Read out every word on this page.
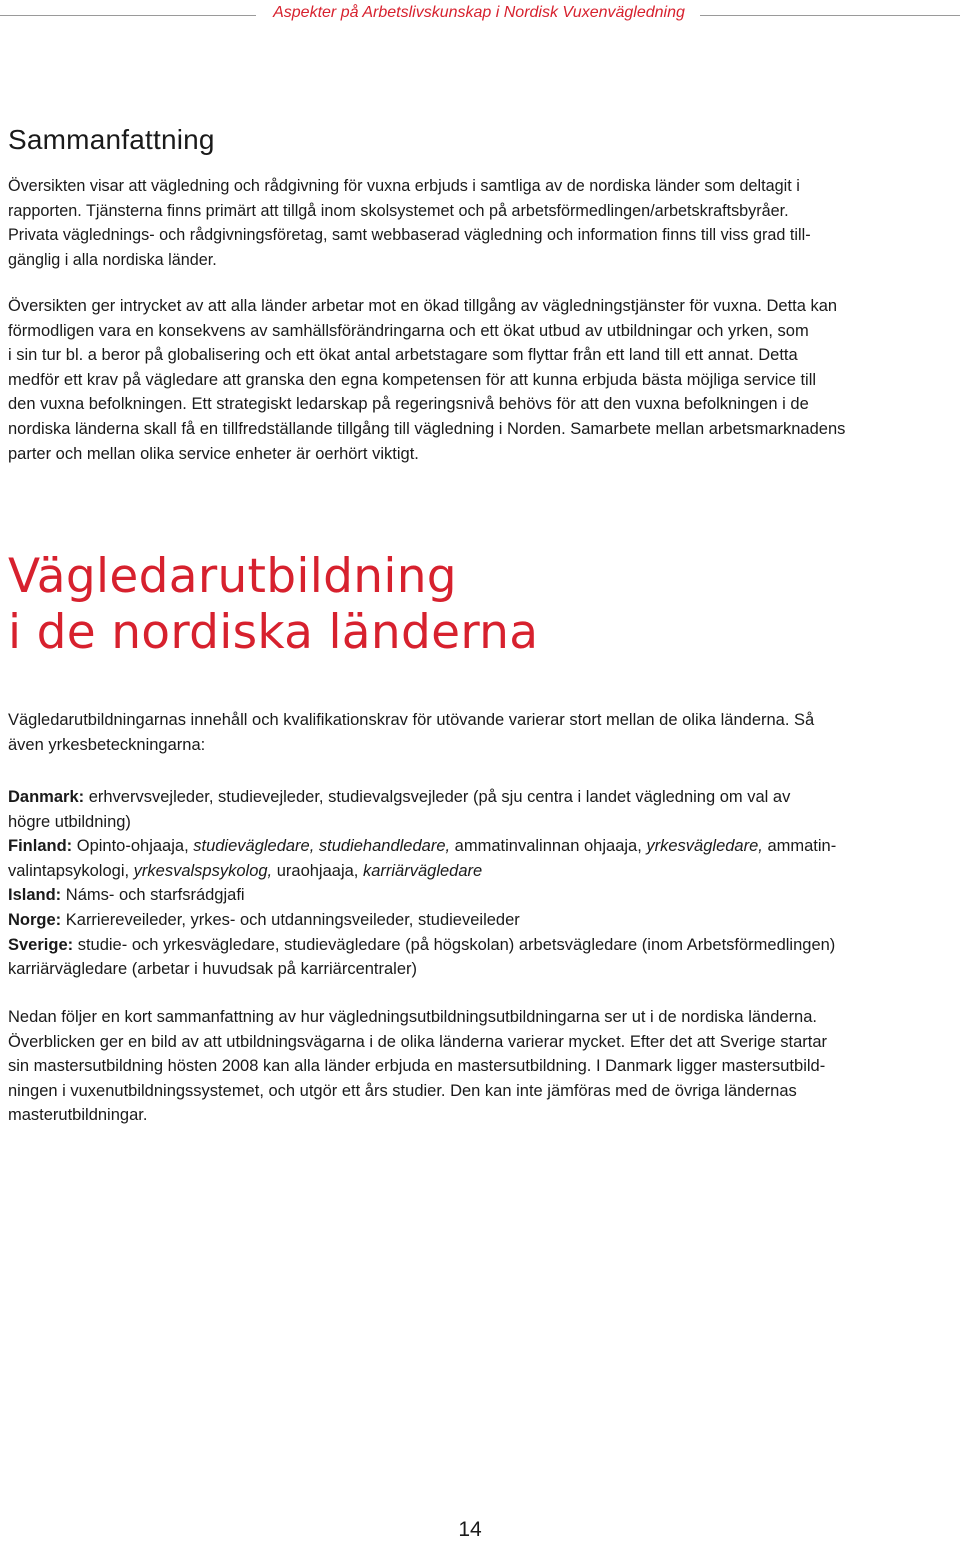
Aspekter på Arbetslivskunskap i Nordisk Vuxenvägledning
Sammanfattning

Översikten visar att vägledning och rådgivning för vuxna erbjuds i samtliga av de nordiska länder som deltagit i
rapporten. Tjänsterna finns primärt att tillgå inom skolsystemet och på arbetsförmedlingen/arbetskraftsbyråer.
Privata väglednings- och rådgivningsföretag, samt webbaserad vägledning och information finns till viss grad till-
gänglig i alla nordiska länder.

Översikten ger intrycket av att alla länder arbetar mot en ökad tillgång av vägledningstjänster för vuxna. Detta kan
förmodligen vara en konsekvens av samhällsförändringarna och ett ökat utbud av utbildningar och yrken, som
i sin tur bl. a beror på globalisering och ett ökat antal arbetstagare som flyttar från ett land till ett annat. Detta
medför ett krav på vägledare att granska den egna kompetensen för att kunna erbjuda bästa möjliga service till
den vuxna befolkningen. Ett strategiskt ledarskap på regeringsnivå behövs för att den vuxna befolkningen i de
nordiska länderna skall få en tillfredställande tillgång till vägledning i Norden. Samarbete mellan arbetsmarknadens
parter och mellan olika service enheter är oerhört viktigt.

Vägledarutbildning
i de nordiska länderna

Vägledarutbildningarnas innehåll och kvalifikationskrav för utövande varierar stort mellan de olika länderna. Så
även yrkesbeteckningarna:

Danmark: erhvervsvejleder, studievejleder, studievalgsvejleder (på sju centra i landet vägledning om val av
högre utbildning)
Finland: Opinto-ohjaaja, studievägledare, studiehandledare, ammatinvalinnan ohjaaja, yrkesvägledare, ammatin-
valintapsykologi, yrkesvalspsykolog, uraohjaaja, karriärvägledare
Island: Náms- och starfsrádgjafi
Norge: Karriereveileder, yrkes- och utdanningsveileder, studieveileder
Sverige: studie- och yrkesvägledare, studievägledare (på högskolan) arbetsvägledare (inom Arbetsförmedlingen)
karriärvägledare (arbetar i huvudsak på karriärcentraler)

Nedan följer en kort sammanfattning av hur vägledningsutbildningsutbildningarna ser ut i de nordiska länderna.
Överblicken ger en bild av att utbildningsvägarna i de olika länderna varierar mycket. Efter det att Sverige startar
sin mastersutbildning hösten 2008 kan alla länder erbjuda en mastersutbildning. I Danmark ligger mastersutbild-
ningen i vuxenutbildningssystemet, och utgör ett års studier. Den kan inte jämföras med de övriga ländernas
masterutbildningar.

14
